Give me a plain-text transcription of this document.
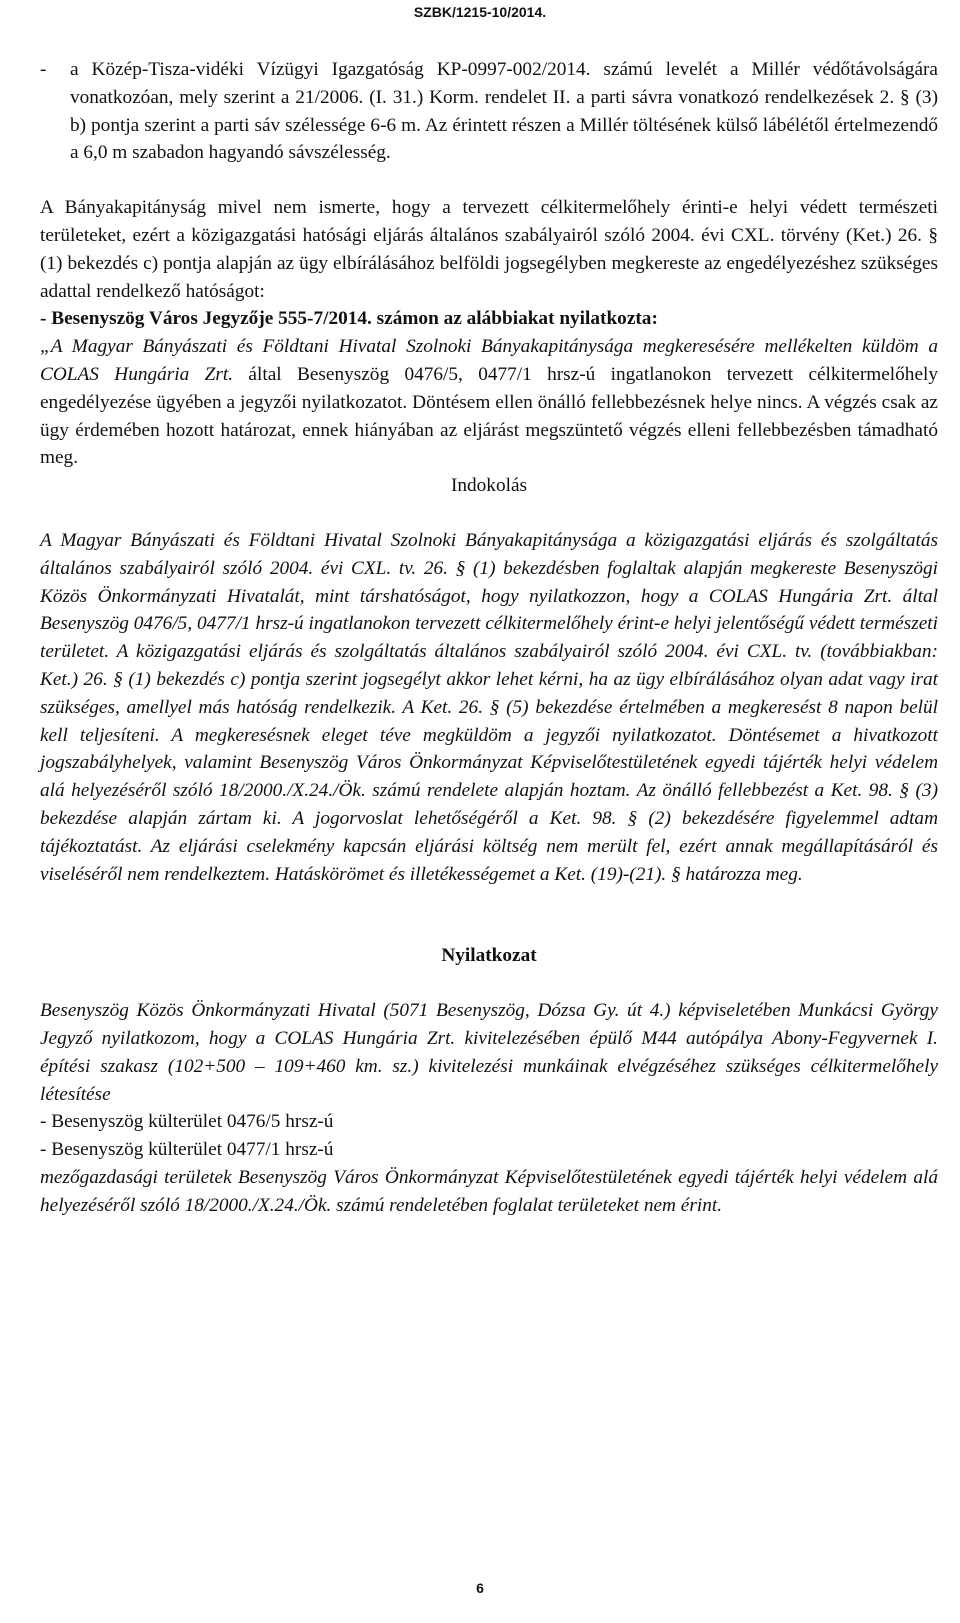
SZBK/1215-10/2014.
-	a Közép-Tisza-vidéki Vízügyi Igazgatóság KP-0997-002/2014. számú levelét a Millér védőtávolságára vonatkozóan, mely szerint a 21/2006. (I. 31.) Korm. rendelet II. a parti sávra vonatkozó rendelkezések 2. § (3) b) pontja szerint a parti sáv szélessége 6-6 m. Az érintett részen a Millér töltésének külső lábélétől értelmezendő a 6,0 m szabadon hagyandó sávszélesség.

A Bányakapitányság mivel nem ismerte, hogy a tervezett célkitermelőhely érinti-e helyi védett természeti területeket, ezért a közigazgatási hatósági eljárás általános szabályairól szóló 2004. évi CXL. törvény (Ket.) 26. § (1) bekezdés c) pontja alapján az ügy elbírálásához belföldi jogsegélyben megkereste az engedélyezéshez szükséges adattal rendelkező hatóságot:
- Besenyszög Város Jegyzője 555-7/2014. számon az alábbiakat nyilatkozta:
„A Magyar Bányászati és Földtani Hivatal Szolnoki Bányakapitánysága megkeresésére mellékelten küldöm a COLAS Hungária Zrt. által Besenyszög 0476/5, 0477/1 hrsz-ú ingatlanokon tervezett célkitermelőhely engedélyezése ügyében a jegyzői nyilatkozatot. Döntésem ellen önálló fellebbezésnek helye nincs. A végzés csak az ügy érdemében hozott határozat, ennek hiányában az eljárást megszüntető végzés elleni fellebbezésben támadható meg.

Indokolás

A Magyar Bányászati és Földtani Hivatal Szolnoki Bányakapitánysága a közigazgatási eljárás és szolgáltatás általános szabályairól szóló 2004. évi CXL. tv. 26. § (1) bekezdésben foglaltak alapján megkereste Besenyszögi Közös Önkormányzati Hivatalát, mint társhatóságot, hogy nyilatkozzon, hogy a COLAS Hungária Zrt. által Besenyszög 0476/5, 0477/1 hrsz-ú ingatlanokon tervezett célkitermelőhely érint-e helyi jelentőségű védett természeti területet. A közigazgatási eljárás és szolgáltatás általános szabályairól szóló 2004. évi CXL. tv. (továbbiakban: Ket.) 26. § (1) bekezdés c) pontja szerint jogsegélyt akkor lehet kérni, ha az ügy elbírálásához olyan adat vagy irat szükséges, amellyel más hatóság rendelkezik. A Ket. 26. § (5) bekezdése értelmében a megkeresést 8 napon belül kell teljesíteni. A megkeresésnek eleget téve megküldöm a jegyzői nyilatkozatot. Döntésemet a hivatkozott jogszabályhelyek, valamint Besenyszög Város Önkormányzat Képviselőtestületének egyedi tájérték helyi védelem alá helyezéséről szóló 18/2000./X.24./Ök. számú rendelete alapján hoztam. Az önálló fellebbezést a Ket. 98. § (3) bekezdése alapján zártam ki. A jogorvoslat lehetőségéről a Ket. 98. § (2) bekezdésére figyelemmel adtam tájékoztatást. Az eljárási cselekmény kapcsán eljárási költség nem merült fel, ezért annak megállapításáról és viseléséről nem rendelkeztem. Hatáskörömet és illetékességemet a Ket. (19)-(21). § határozza meg.

Nyilatkozat

Besenyszög Közös Önkormányzati Hivatal (5071 Besenyszög, Dózsa Gy. út 4.) képviseletében Munkácsi György Jegyző nyilatkozom, hogy a COLAS Hungária Zrt. kivitelezésében épülő M44 autópálya Abony-Fegyvernek I. építési szakasz (102+500 – 109+460 km. sz.) kivitelezési munkáinak elvégzéséhez szükséges célkitermelőhely létesítése

- Besenyszög külterület 0476/5 hrsz-ú

- Besenyszög külterület 0477/1 hrsz-ú

mezőgazdasági területek Besenyszög Város Önkormányzat Képviselőtestületének egyedi tájérték helyi védelem alá helyezéséről szóló 18/2000./X.24./Ök. számú rendeletében foglalat területeket nem érint.

6
